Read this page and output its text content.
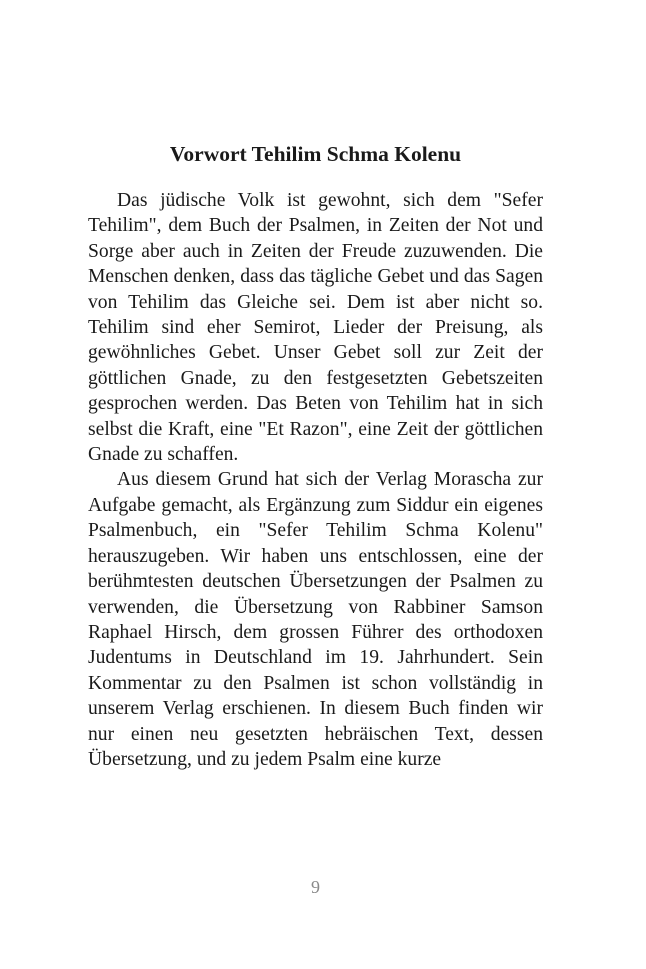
Vorwort Tehilim Schma Kolenu

Das jüdische Volk ist gewohnt, sich dem "Sefer Tehilim", dem Buch der Psalmen, in Zeiten der Not und Sorge aber auch in Zeiten der Freude zuzuwenden. Die Menschen denken, dass das tägliche Gebet und das Sagen von Tehilim das Gleiche sei. Dem ist aber nicht so. Tehilim sind eher Semirot, Lieder der Preisung, als gewöhnliches Gebet. Unser Gebet soll zur Zeit der göttlichen Gnade, zu den festgesetzten Gebetszeiten gesprochen werden. Das Beten von Tehilim hat in sich selbst die Kraft, eine "Et Razon", eine Zeit der göttlichen Gnade zu schaffen.

Aus diesem Grund hat sich der Verlag Morascha zur Aufgabe gemacht, als Ergänzung zum Siddur ein eigenes Psalmenbuch, ein "Sefer Tehilim Schma Kolenu" herauszugeben. Wir haben uns entschlossen, eine der berühmtesten deutschen Übersetzungen der Psalmen zu verwenden, die Übersetzung von Rabbiner Samson Raphael Hirsch, dem grossen Führer des orthodoxen Judentums in Deutschland im 19. Jahrhundert. Sein Kommentar zu den Psalmen ist schon vollständig in unserem Verlag erschienen. In diesem Buch finden wir nur einen neu gesetzten hebräischen Text, dessen Übersetzung, und zu jedem Psalm eine kurze

9
